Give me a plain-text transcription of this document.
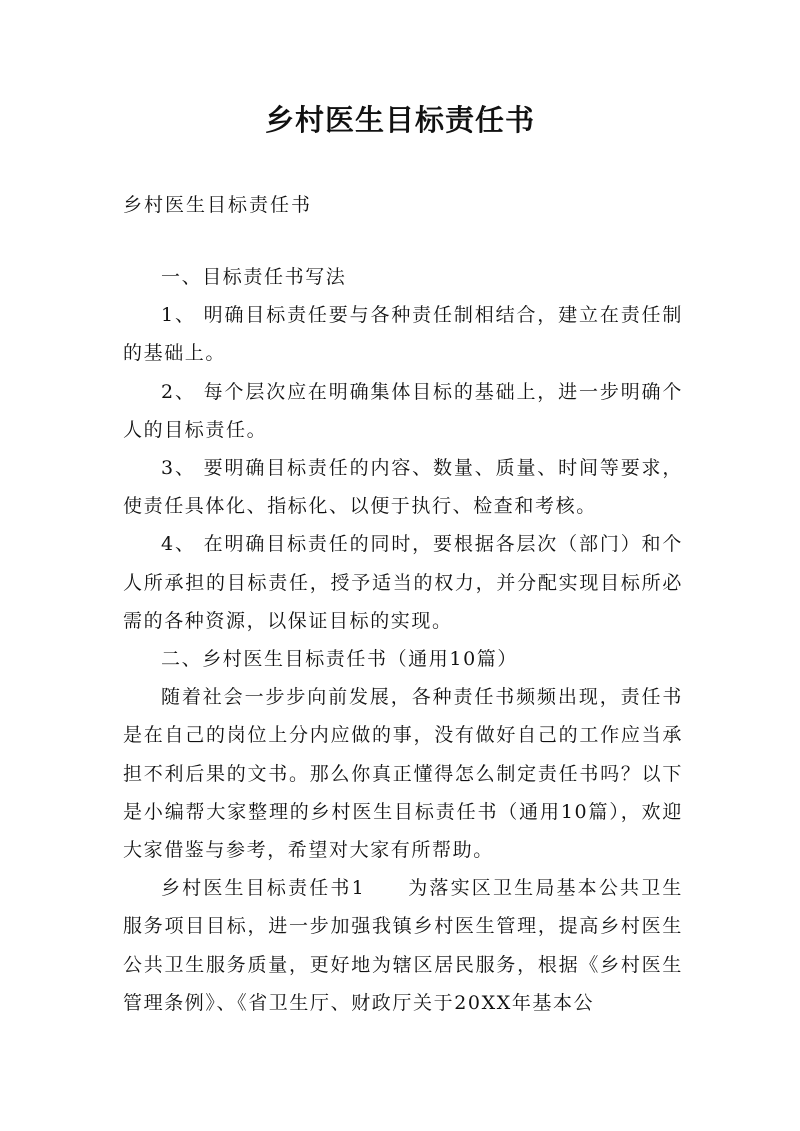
乡村医生目标责任书
乡村医生目标责任书

一、目标责任书写法

1、 明确目标责任要与各种责任制相结合，建立在责任制的基础上。

2、 每个层次应在明确集体目标的基础上，进一步明确个人的目标责任。

3、 要明确目标责任的内容、数量、质量、时间等要求，使责任具体化、指标化、以便于执行、检查和考核。

4、 在明确目标责任的同时，要根据各层次（部门）和个人所承担的目标责任，授予适当的权力，并分配实现目标所必需的各种资源，以保证目标的实现。

二、乡村医生目标责任书（通用10篇）

随着社会一步步向前发展，各种责任书频频出现，责任书是在自己的岗位上分内应做的事，没有做好自己的工作应当承担不利后果的文书。那么你真正懂得怎么制定责任书吗？以下是小编帮大家整理的乡村医生目标责任书（通用10篇），欢迎大家借鉴与参考，希望对大家有所帮助。

乡村医生目标责任书1　　为落实区卫生局基本公共卫生服务项目目标，进一步加强我镇乡村医生管理，提高乡村医生公共卫生服务质量，更好地为辖区居民服务，根据《乡村医生管理条例》、《省卫生厅、财政厅关于20XX年基本公
